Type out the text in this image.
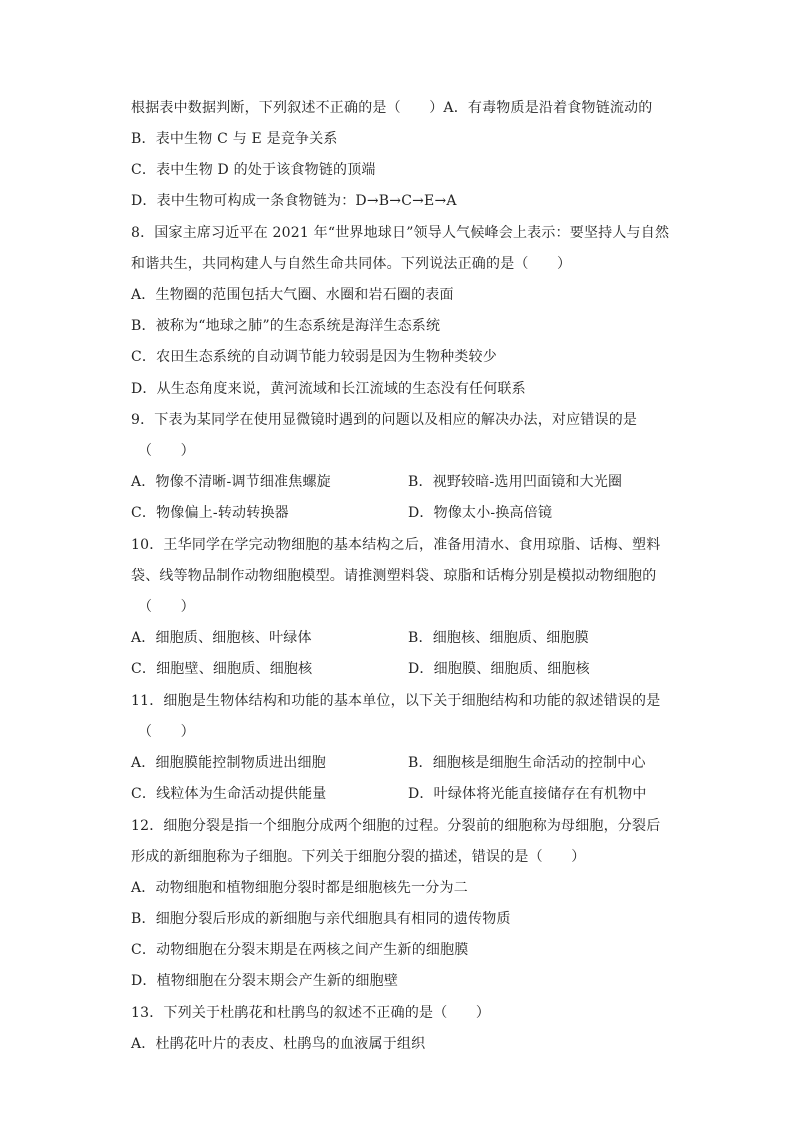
根据表中数据判断，下列叙述不正确的是（　　）A．有毒物质是沿着食物链流动的
B．表中生物 C 与 E 是竞争关系
C．表中生物 D 的处于该食物链的顶端
D．表中生物可构成一条食物链为：D→B→C→E→A
8．国家主席习近平在 2021 年“世界地球日”领导人气候峰会上表示：要坚持人与自然
和谐共生，共同构建人与自然生命共同体。下列说法正确的是（　　）
A．生物圈的范围包括大气圈、水圈和岩石圈的表面
B．被称为“地球之肺”的生态系统是海洋生态系统
C．农田生态系统的自动调节能力较弱是因为生物种类较少
D．从生态角度来说，黄河流域和长江流域的生态没有任何联系
9．下表为某同学在使用显微镜时遇到的问题以及相应的解决办法，对应错误的是
（　　）
A．物像不清晰-调节细准焦螺旋	B．视野较暗-选用凹面镜和大光圈
C．物像偏上-转动转换器	D．物像太小-换高倍镜
10．王华同学在学完动物细胞的基本结构之后，准备用清水、食用琼脂、话梅、塑料
袋、线等物品制作动物细胞模型。请推测塑料袋、琼脂和话梅分别是模拟动物细胞的
（　　）
A．细胞质、细胞核、叶绿体	B．细胞核、细胞质、细胞膜
C．细胞壁、细胞质、细胞核	D．细胞膜、细胞质、细胞核
11．细胞是生物体结构和功能的基本单位，以下关于细胞结构和功能的叙述错误的是
（　　）
A．细胞膜能控制物质进出细胞	B．细胞核是细胞生命活动的控制中心
C．线粒体为生命活动提供能量	D．叶绿体将光能直接储存在有机物中
12．细胞分裂是指一个细胞分成两个细胞的过程。分裂前的细胞称为母细胞，分裂后
形成的新细胞称为子细胞。下列关于细胞分裂的描述，错误的是（　　）
A．动物细胞和植物细胞分裂时都是细胞核先一分为二
B．细胞分裂后形成的新细胞与亲代细胞具有相同的遗传物质
C．动物细胞在分裂末期是在两核之间产生新的细胞膜
D．植物细胞在分裂末期会产生新的细胞壁
13．下列关于杜鹃花和杜鹃鸟的叙述不正确的是（　　）
A．杜鹃花叶片的表皮、杜鹃鸟的血液属于组织
